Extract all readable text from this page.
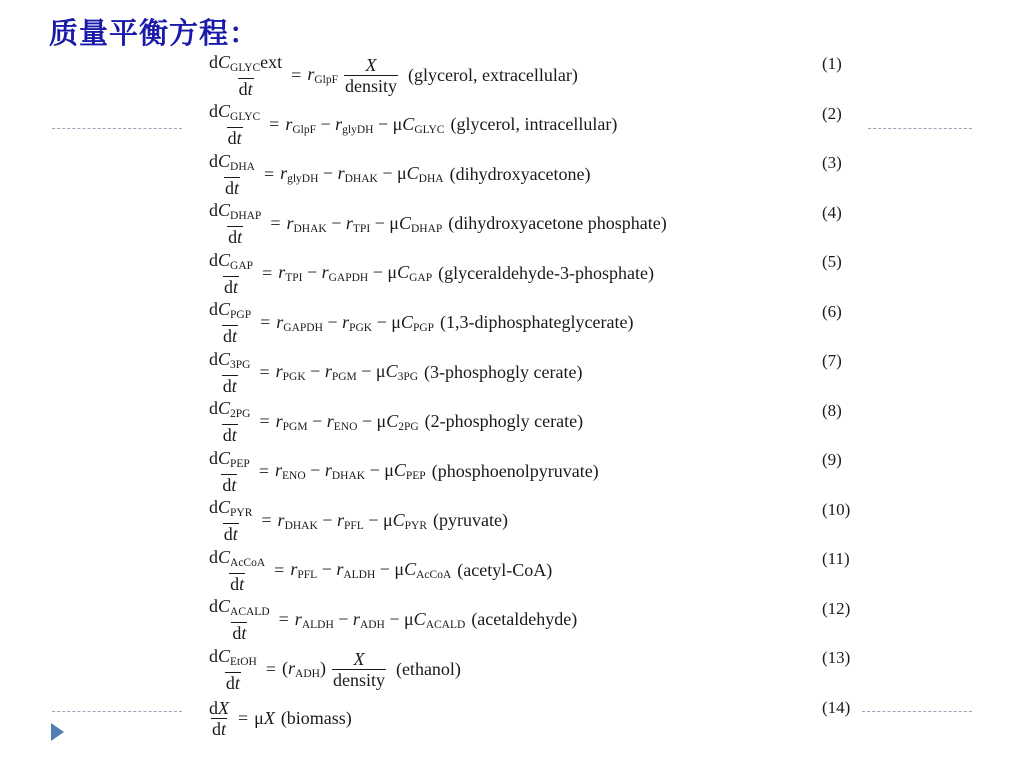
质量平衡方程：
$\frac{dC_{GLYC}ext}{dt} = r_{GlpF} \frac{X}{\text{density}}$ (glycerol, extracellular)
(1)
$\frac{dC_{GLYC}}{dt} = r_{GlpF} - r_{glyDH} - \mu C_{GLYC}$ (glycerol, intracellular)
(2)
$\frac{dC_{DHA}}{dt} = r_{glyDH} - r_{DHAK} - \mu C_{DHA}$ (dihydroxyacetone)
(3)
$\frac{dC_{DHAP}}{dt} = r_{DHAK} - r_{TPI} - \mu C_{DHAP}$ (dihydroxyacetone phosphate)
(4)
$\frac{dC_{GAP}}{dt} = r_{TPI} - r_{GAPDH} - \mu C_{GAP}$ (glyceraldehyde-3-phosphate)
(5)
$\frac{dC_{PGP}}{dt} = r_{GAPDH} - r_{PGK} - \mu C_{PGP}$ (1,3-diphosphateglycerate)
(6)
$\frac{dC_{3PG}}{dt} = r_{PGK} - r_{PGM} - \mu C_{3PG}$ (3-phosphogly cerate)
(7)
$\frac{dC_{2PG}}{dt} = r_{PGM} - r_{ENO} - \mu C_{2PG}$ (2-phosphogly cerate)
(8)
$\frac{dC_{PEP}}{dt} = r_{ENO} - r_{DHAK} - \mu C_{PEP}$ (phosphoenolpyruvate)
(9)
$\frac{dC_{PYR}}{dt} = r_{DHAK} - r_{PFL} - \mu C_{PYR}$ (pyruvate)
(10)
$\frac{dC_{AcCoA}}{dt} = r_{PFL} - r_{ALDH} - \mu C_{AcCoA}$ (acetyl-CoA)
(11)
$\frac{dC_{ACALD}}{dt} = r_{ALDH} - r_{ADH} - \mu C_{ACALD}$ (acetaldehyde)
(12)
$\frac{dC_{EtOH}}{dt} = (r_{ADH}) \frac{X}{\text{density}}$ (ethanol)
(13)
$\frac{dX}{dt} = \mu X$ (biomass)
(14)
